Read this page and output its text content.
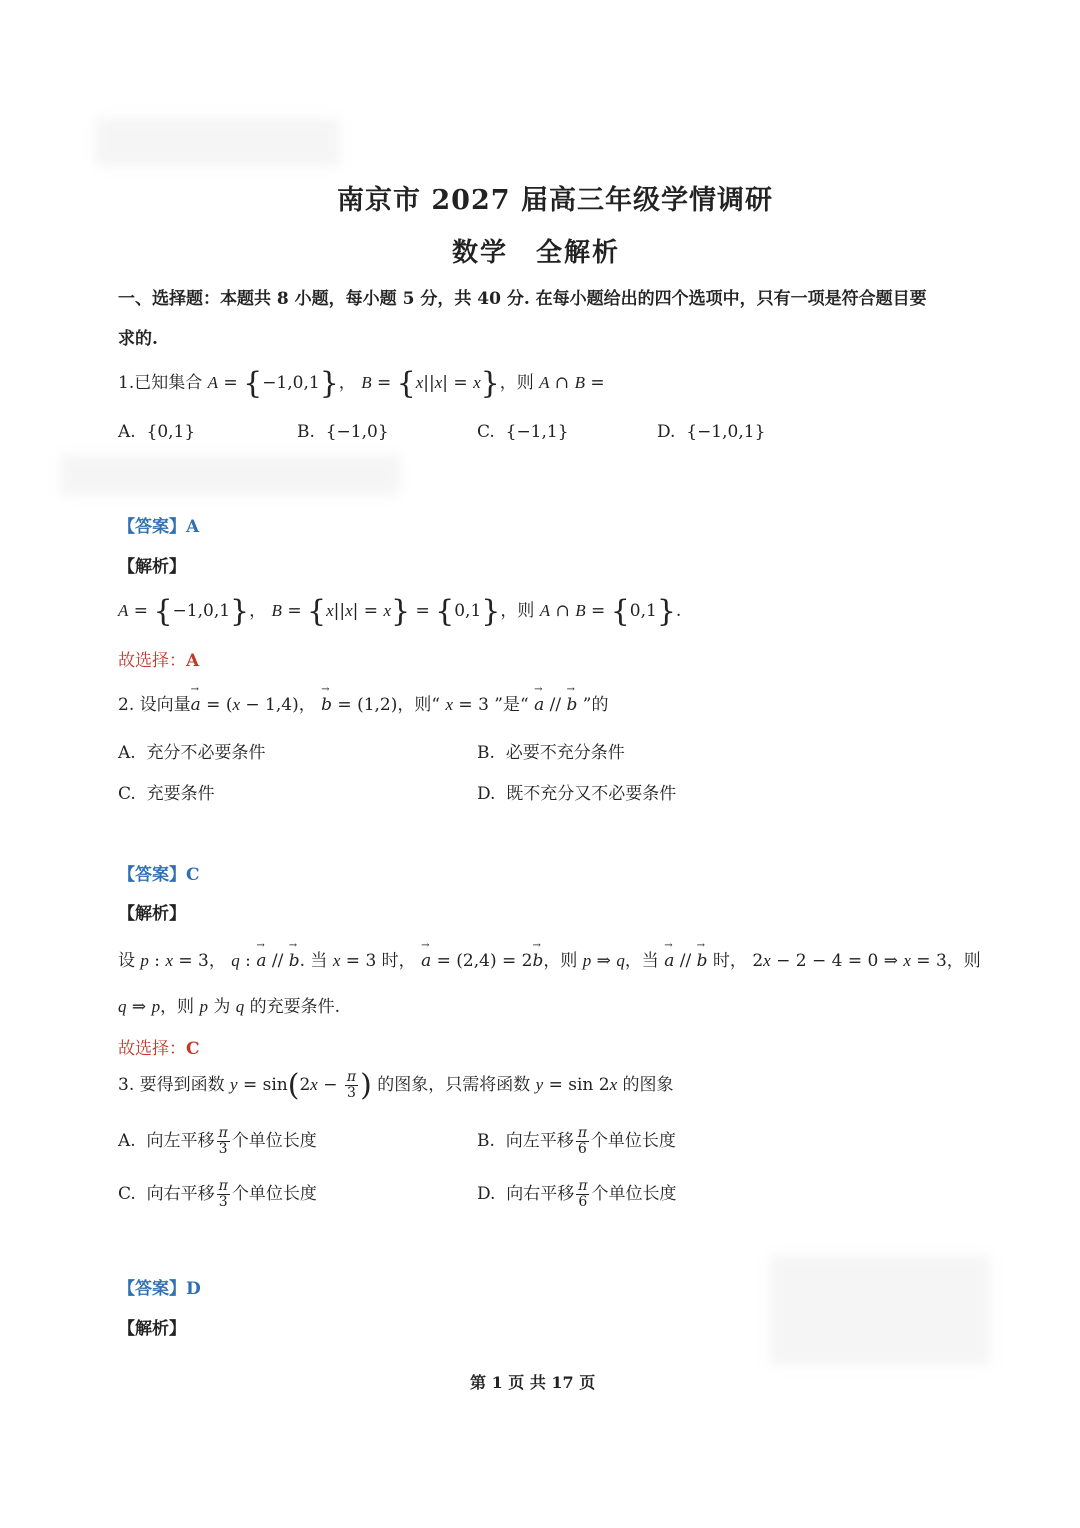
南京市 2027 届高三年级学情调研
数学　全解析
一、选择题：本题共 8 小题，每小题 5 分，共 40 分. 在每小题给出的四个选项中，只有一项是符合题目要
求的.
1.已知集合 A = {−1,0,1}， B = {x||x| = x}，则 A ∩ B =
A. {0,1}	B. {−1,0}	C. {−1,1}	D. {−1,0,1}
【答案】A
【解析】
A = {−1,0,1}， B = {x||x| = x} = {0,1}，则 A ∩ B = {0,1}.
故选择：A
2. 设向量→ a = (x − 1,4)， → b = (1,2)，则“ x = 3 ”是“ → a // → b ”的
A. 充分不必要条件	B. 必要不充分条件
C. 充要条件	D. 既不充分又不必要条件
【答案】C
【解析】
设 p : x = 3， q : → a // → b. 当 x = 3 时， → a = (2,4) = 2→ b，则 p ⇒ q，当 → a // → b 时， 2x − 2 − 4 = 0 ⇒ x = 3，则
q ⇒ p，则 p 为 q 的充要条件.
故选择：C
3. 要得到函数 $y = \sin(2x - \frac{\pi}{3}$ ) 的图象，只需将函数 y = sin 2x 的图象
A. 向左平移 $\frac{\pi}{3}$ 个单位长度	B. 向左平移 $\frac{\pi}{6}$ 个单位长度
C. 向右平移 $\frac{\pi}{3}$ 个单位长度	D. 向右平移 $\frac{\pi}{6}$ 个单位长度
【答案】D
【解析】
第 1 页 共 17 页
